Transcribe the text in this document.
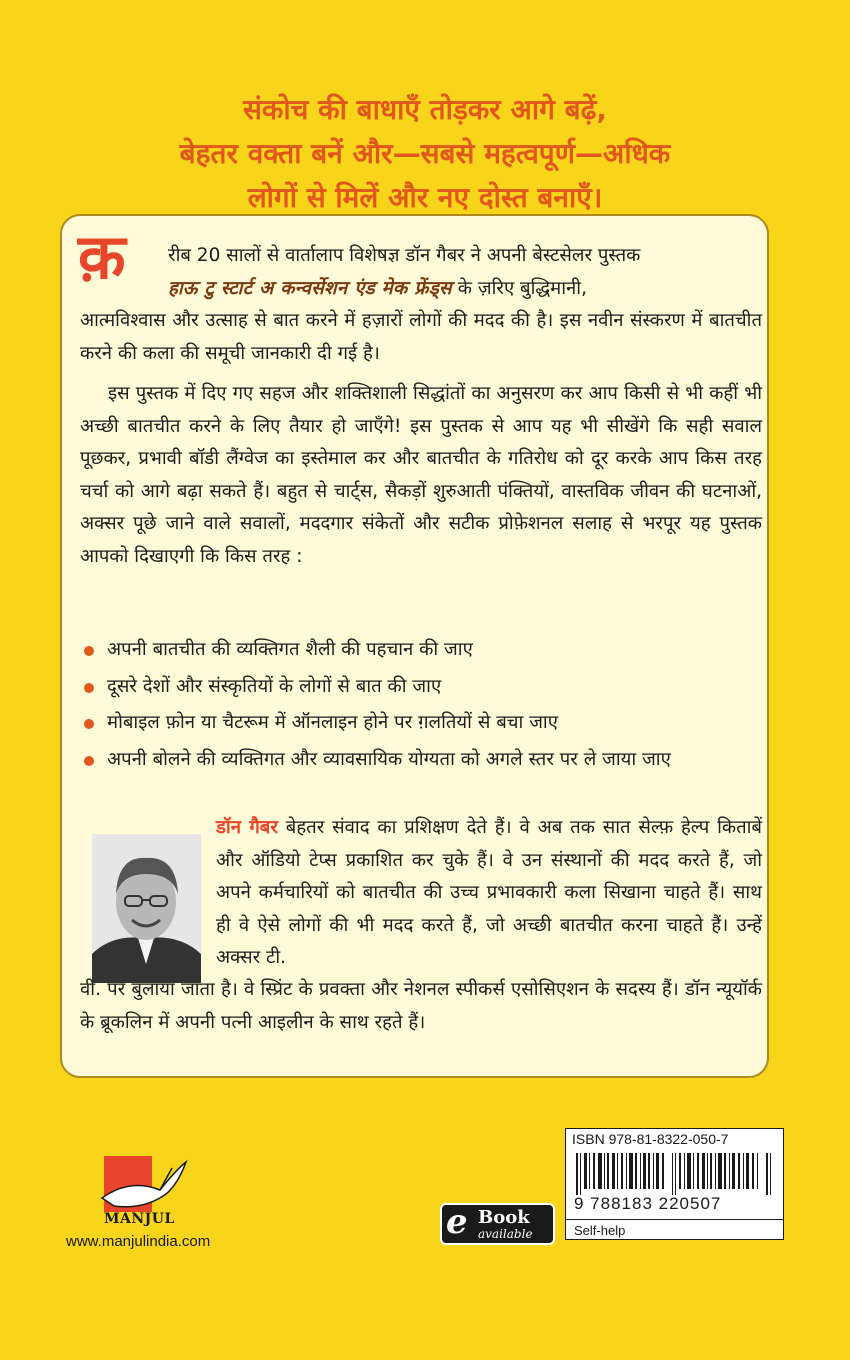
संकोच की बाधाएँ तोड़कर आगे बढ़ें,
बेहतर वक्ता बनें और—सबसे महत्वपूर्ण—अधिक
लोगों से मिलें और नए दोस्त बनाएँ।
क़	रीब 20 सालों से वार्तालाप विशेषज्ञ डॉन गैबर ने अपनी बेस्टसेलर पुस्तक
हाऊ टु स्टार्ट अ कन्वर्सेशन एंड मेक फ्रेंड्स के ज़रिए बुद्धिमानी,
आत्मविश्वास और उत्साह से बात करने में हज़ारों लोगों की मदद की है। इस नवीन संस्करण में बातचीत करने की कला की समूची जानकारी दी गई है।

इस पुस्तक में दिए गए सहज और शक्तिशाली सिद्धांतों का अनुसरण कर आप किसी से भी कहीं भी अच्छी बातचीत करने के लिए तैयार हो जाएँगे! इस पुस्तक से आप यह भी सीखेंगे कि सही सवाल पूछकर, प्रभावी बॉडी लैंग्वेज का इस्तेमाल कर और बातचीत के गतिरोध को दूर करके आप किस तरह चर्चा को आगे बढ़ा सकते हैं। बहुत से चार्ट्स, सैकड़ों शुरुआती पंक्तियों, वास्तविक जीवन की घटनाओं, अक्सर पूछे जाने वाले सवालों, मददगार संकेतों और सटीक प्रोफ़ेशनल सलाह से भरपूर यह पुस्तक आपको दिखाएगी कि किस तरह :

अपनी बातचीत की व्यक्तिगत शैली की पहचान की जाए
दूसरे देशों और संस्कृतियों के लोगों से बात की जाए
मोबाइल फ़ोन या चैटरूम में ऑनलाइन होने पर ग़लतियों से बचा जाए
अपनी बोलने की व्यक्तिगत और व्यावसायिक योग्यता को अगले स्तर पर ले जाया जाए
डॉन गैबर बेहतर संवाद का प्रशिक्षण देते हैं। वे अब तक सात सेल्फ़ हेल्प किताबें और ऑडियो टेप्स प्रकाशित कर चुके हैं। वे उन संस्थानों की मदद करते हैं, जो अपने कर्मचारियों को बातचीत की उच्च प्रभावकारी कला सिखाना चाहते हैं। साथ ही वे ऐसे लोगों की भी मदद करते हैं, जो अच्छी बातचीत करना चाहते हैं। उन्हें अक्सर टी.
वी. पर बुलाया जाता है। वे स्प्रिंट के प्रवक्ता और नेशनल स्पीकर्स एसोसिएशन के सदस्य हैं। डॉन न्यूयॉर्क के ब्रूकलिन में अपनी पत्नी आइलीन के साथ रहते हैं।
MANJUL
www.manjulindia.com	e Book
available
ISBN 978-81-8322-050-7
9 788183 220507
Self-help
